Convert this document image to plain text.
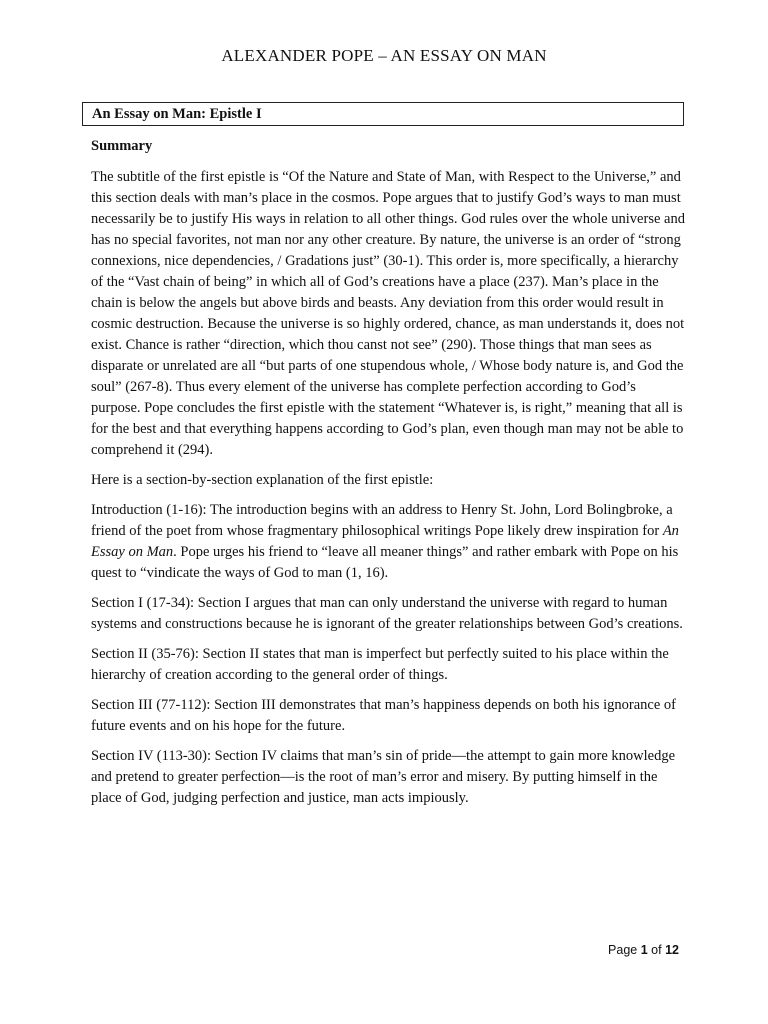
ALEXANDER POPE – AN ESSAY ON MAN
An Essay on Man: Epistle I

Summary

The subtitle of the first epistle is “Of the Nature and State of Man, with Respect to the Universe,” and this section deals with man’s place in the cosmos. Pope argues that to justify God’s ways to man must necessarily be to justify His ways in relation to all other things. God rules over the whole universe and has no special favorites, not man nor any other creature. By nature, the universe is an order of “strong connexions, nice dependencies, / Gradations just” (30-1). This order is, more specifically, a hierarchy of the “Vast chain of being” in which all of God’s creations have a place (237). Man’s place in the chain is below the angels but above birds and beasts. Any deviation from this order would result in cosmic destruction. Because the universe is so highly ordered, chance, as man understands it, does not exist. Chance is rather “direction, which thou canst not see” (290). Those things that man sees as disparate or unrelated are all “but parts of one stupendous whole, / Whose body nature is, and God the soul” (267-8). Thus every element of the universe has complete perfection according to God’s purpose. Pope concludes the first epistle with the statement “Whatever is, is right,” meaning that all is for the best and that everything happens according to God’s plan, even though man may not be able to comprehend it (294).

Here is a section-by-section explanation of the first epistle:

Introduction (1-16): The introduction begins with an address to Henry St. John, Lord Bolingbroke, a friend of the poet from whose fragmentary philosophical writings Pope likely drew inspiration for An Essay on Man. Pope urges his friend to “leave all meaner things” and rather embark with Pope on his quest to “vindicate the ways of God to man (1, 16).

Section I (17-34): Section I argues that man can only understand the universe with regard to human systems and constructions because he is ignorant of the greater relationships between God’s creations.

Section II (35-76): Section II states that man is imperfect but perfectly suited to his place within the hierarchy of creation according to the general order of things.

Section III (77-112): Section III demonstrates that man’s happiness depends on both his ignorance of future events and on his hope for the future.

Section IV (113-30): Section IV claims that man’s sin of pride—the attempt to gain more knowledge and pretend to greater perfection—is the root of man’s error and misery. By putting himself in the place of God, judging perfection and justice, man acts impiously.

Page 1 of 12
